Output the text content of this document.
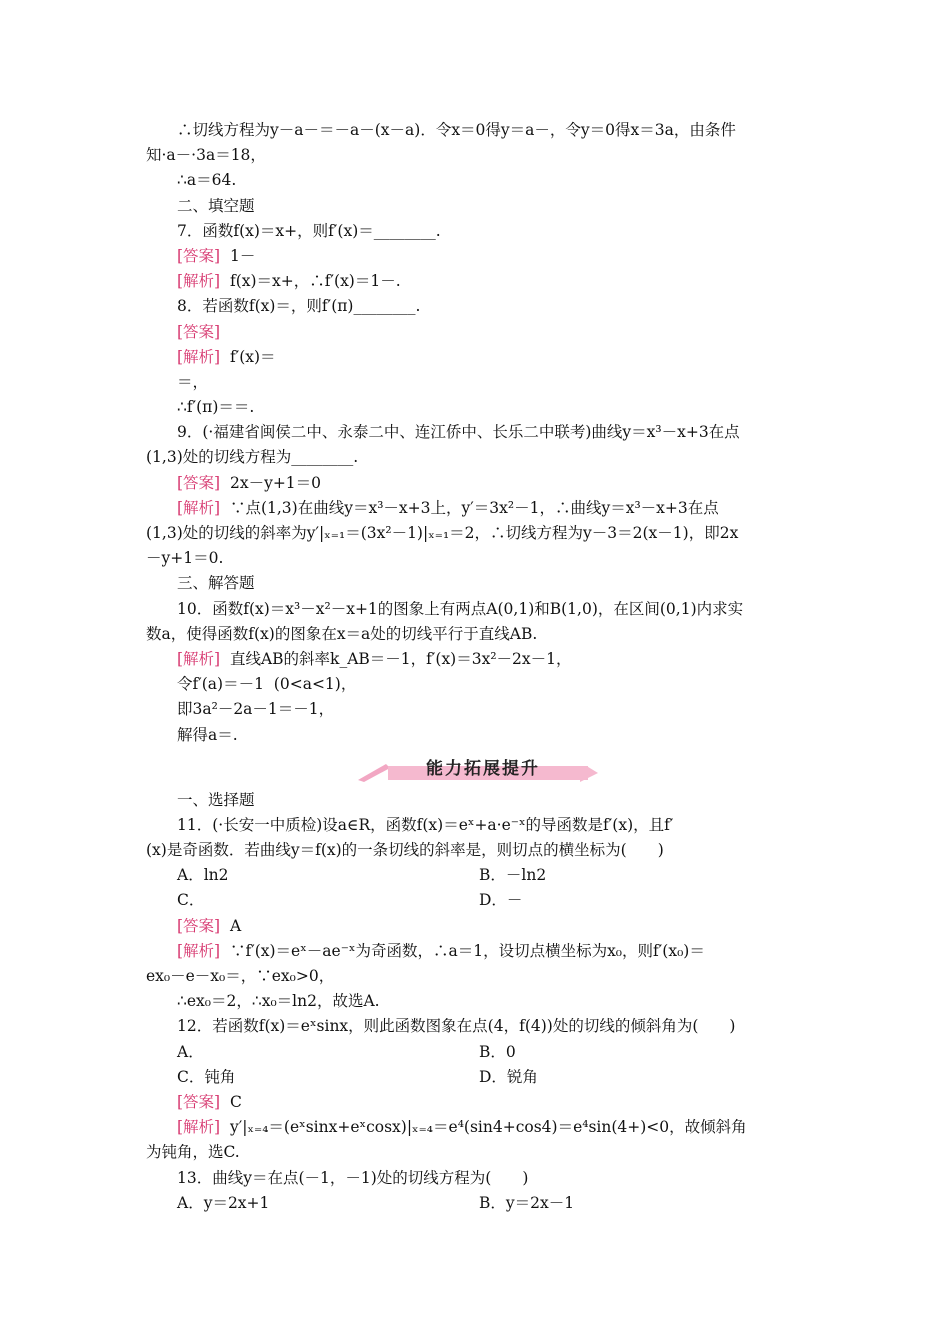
∴切线方程为y－a－＝－a－(x－a)．令x＝0得y＝a－，令y＝0得x＝3a，由条件
知·a－·3a＝18，
∴a＝64.
二、填空题
7．函数f(x)＝x+，则f′(x)＝________.
[答案]  1－
[解析]  f(x)＝x+，∴f′(x)＝1－.
8．若函数f(x)＝，则f′(π)________.
[答案]
[解析]  f′(x)＝
＝，
∴f′(π)＝＝.
9．(·福建省闽侯二中、永泰二中、连江侨中、长乐二中联考)曲线y＝x³－x+3在点
(1,3)处的切线方程为________.
[答案]  2x－y+1＝0
[解析]  ∵点(1,3)在曲线y＝x³－x+3上，y′＝3x²－1，∴曲线y＝x³－x+3在点
(1,3)处的切线的斜率为y′|ₓ₌₁＝(3x²－1)|ₓ₌₁＝2，∴切线方程为y－3＝2(x－1)，即2x
－y+1＝0.
三、解答题
10．函数f(x)＝x³－x²－x+1的图象上有两点A(0,1)和B(1,0)，在区间(0,1)内求实
数a，使得函数f(x)的图象在x＝a处的切线平行于直线AB.
[解析]  直线AB的斜率k_AB＝－1，f′(x)＝3x²－2x－1，
令f′(a)＝－1  (0<a<1)，
即3a²－2a－1＝－1，
解得a＝.
能力拓展提升
一、选择题
11．(·长安一中质检)设a∈R，函数f(x)＝eˣ+a·e⁻ˣ的导函数是f′(x)，且f′
(x)是奇函数．若曲线y＝f(x)的一条切线的斜率是，则切点的横坐标为(　　)
A．ln2	B．－ln2
C．	D．－
[答案]  A
[解析]  ∵f′(x)＝eˣ－ae⁻ˣ为奇函数，∴a＝1，设切点横坐标为x₀，则f′(x₀)＝
ex₀－e－x₀＝，∵ex₀>0，
∴ex₀＝2，∴x₀＝ln2，故选A.
12．若函数f(x)＝eˣsinx，则此函数图象在点(4，f(4))处的切线的倾斜角为(　　)
A．	B．0
C．钝角	D．锐角
[答案]  C
[解析]  y′|ₓ₌₄＝(eˣsinx+eˣcosx)|ₓ₌₄＝e⁴(sin4+cos4)＝e⁴sin(4+)<0，故倾斜角
为钝角，选C.
13．曲线y＝在点(－1，－1)处的切线方程为(　　)
A．y＝2x+1	B．y＝2x－1
